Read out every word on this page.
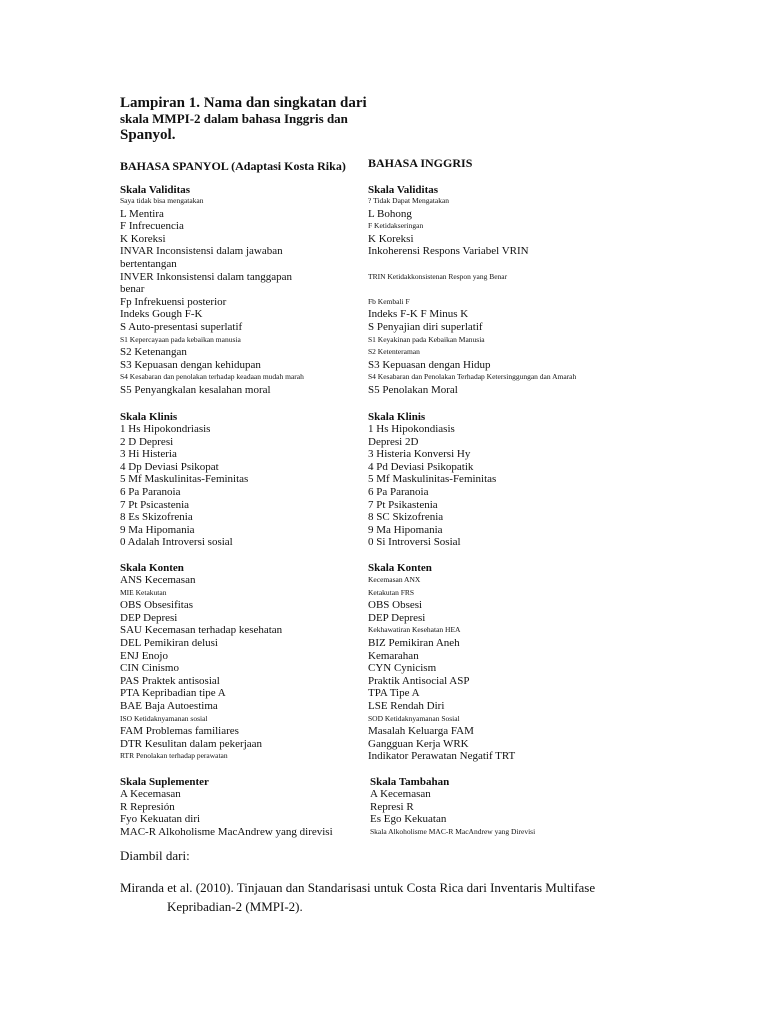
Lampiran 1. Nama dan singkatan dari
skala MMPI-2 dalam bahasa Inggris dan
Spanyol.
BAHASA SPANYOL (Adaptasi Kosta Rika) BAHASA INGGRIS
Skala Validitas
Saya tidak bisa mengatakan
L Mentira
F Infrecuencia
K Koreksi
INVAR Inconsistensi dalam jawaban
bertentangan
INVER Inkonsistensi dalam tanggapan
benar
Fp Infrekuensi posterior
Indeks Gough F-K
S Auto-presentasi superlatif
S1 Kepercayaan pada kebaikan manusia
S2 Ketenangan
S3 Kepuasan dengan kehidupan
S4 Kesabaran dan penolakan terhadap keadaan mudah marah
S5 Penyangkalan kesalahan moral
Skala Klinis
1 Hs Hipokondriasis
2 D Depresi
3 Hi Histeria
4 Dp Deviasi Psikopat
5 Mf Maskulinitas-Feminitas
6 Pa Paranoia
7 Pt Psicastenia
8 Es Skizofrenia
9 Ma Hipomania
0 Adalah Introversi sosial
Skala Konten
ANS Kecemasan
MIE Ketakutan
OBS Obsesifitas
DEP Depresi
SAU Kecemasan terhadap kesehatan
DEL Pemikiran delusi
ENJ Enojo
CIN Cinismo
PAS Praktek antisosial
PTA Kepribadian tipe A
BAE Baja Autoestima
ISO Ketidaknyamanan sosial
FAM Problemas familiares
DTR Kesulitan dalam pekerjaan
RTR Penolakan terhadap perawatan
Skala Suplementer
A Kecemasan
R Represión
Fyo Kekuatan diri
MAC-R Alkoholisme MacAndrew yang direvisi
Skala Validitas
? Tidak Dapat Mengatakan
L Bohong
F Ketidakseringan
K Koreksi
Inkoherensi Respons Variabel VRIN

TRIN Ketidakkonsistenan Respon yang Benar

Fb Kembali F
Indeks F-K F Minus K
S Penyajian diri superlatif
S1 Keyakinan pada Kebaikan Manusia
S2 Ketenteraman
S3 Kepuasan dengan Hidup
S4 Kesabaran dan Penolakan Terhadap Ketersinggungan dan Amarah
S5 Penolakan Moral
Skala Klinis
1 Hs Hipokondiasis
Depresi 2D
3 Histeria Konversi Hy
4 Pd Deviasi Psikopatik
5 Mf Maskulinitas-Feminitas
6 Pa Paranoia
7 Pt Psikastenia
8 SC Skizofrenia
9 Ma Hipomania
0 Si Introversi Sosial
Skala Konten
Kecemasan ANX
Ketakutan FRS
OBS Obsesi
DEP Depresi
Kekhawatiran Kesehatan HEA
BIZ Pemikiran Aneh
Kemarahan
CYN Cynicism
Praktik Antisocial ASP
TPA Tipe A
LSE Rendah Diri
SOD Ketidaknyamanan Sosial
Masalah Keluarga FAM
Gangguan Kerja WRK
Indikator Perawatan Negatif TRT
Skala Tambahan
A Kecemasan
Represi R
Es Ego Kekuatan
Skala Alkoholisme MAC-R MacAndrew yang Direvisi
Diambil dari:
Miranda et al. (2010). Tinjauan dan Standarisasi untuk Costa Rica dari Inventaris Multifase
Kepribadian-2 (MMPI-2).
